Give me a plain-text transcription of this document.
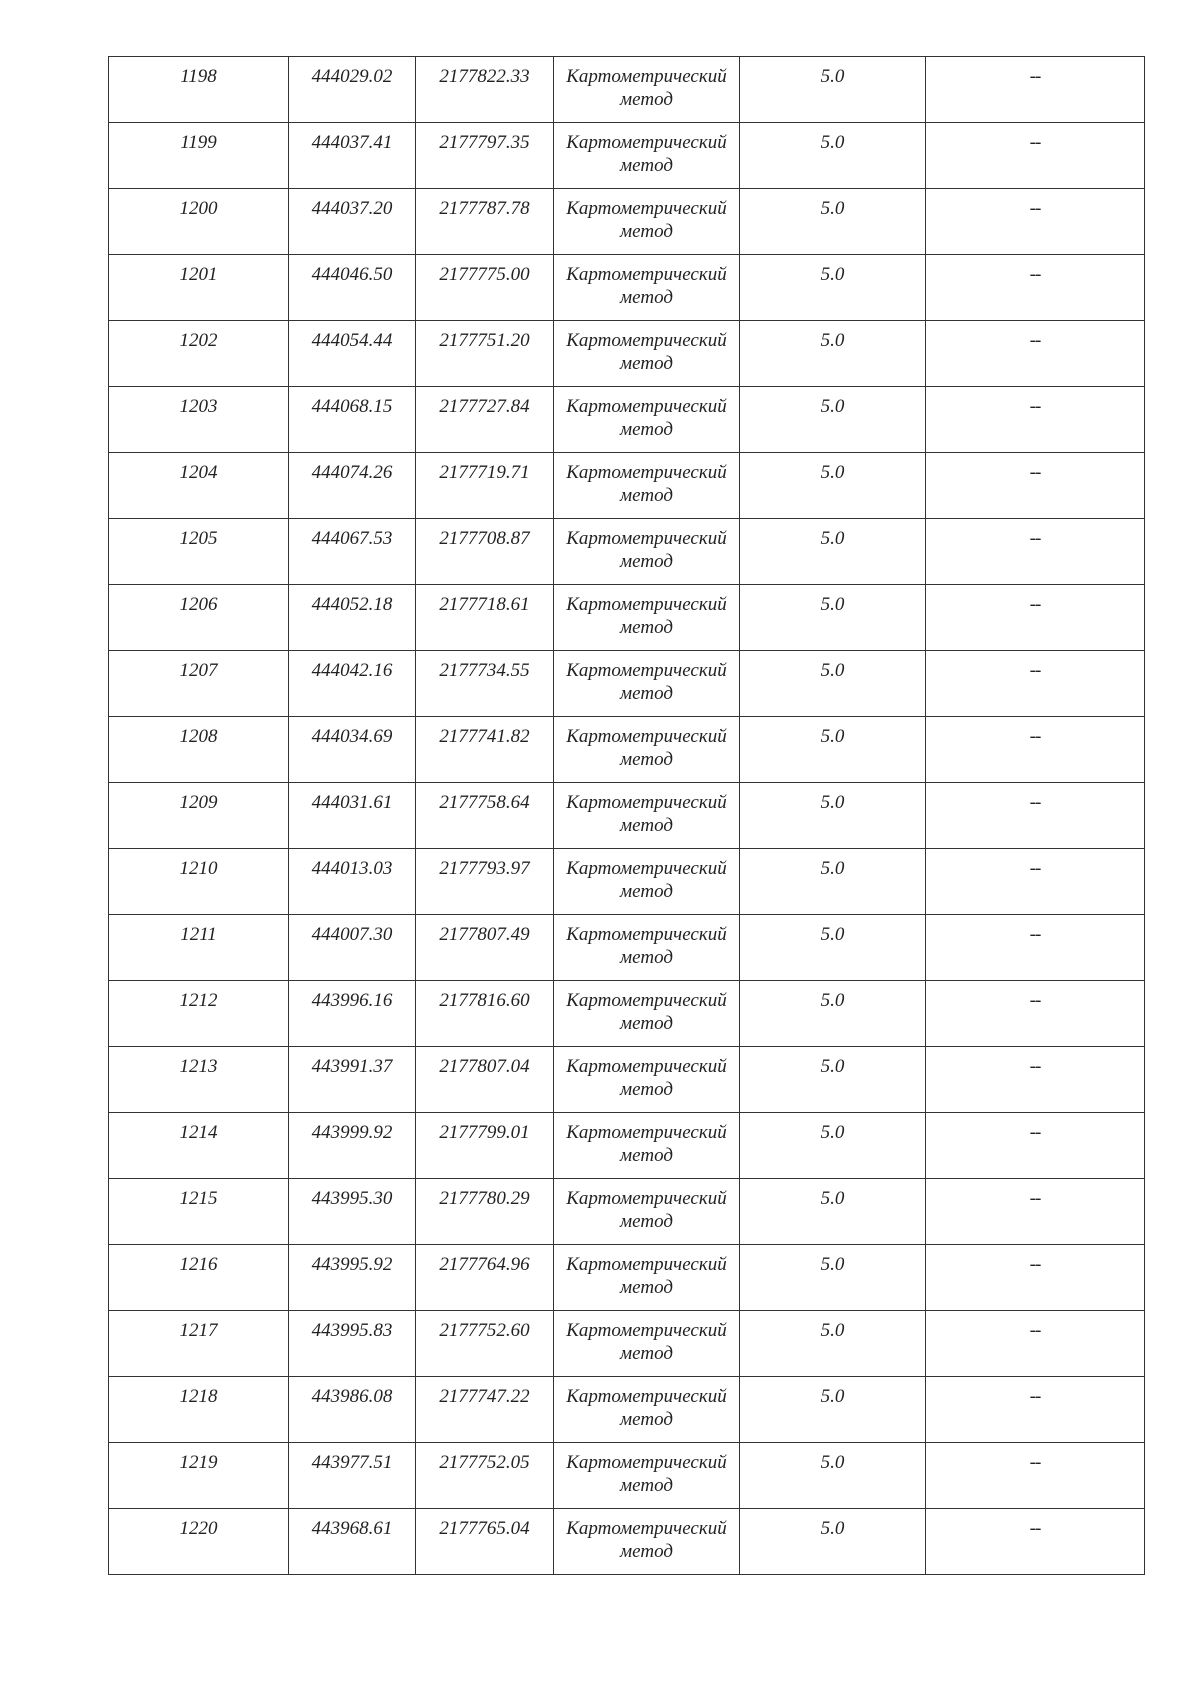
1198	444029.02	2177822.33	Картометрический метод	5.0	--
1199	444037.41	2177797.35	Картометрический метод	5.0	--
1200	444037.20	2177787.78	Картометрический метод	5.0	--
1201	444046.50	2177775.00	Картометрический метод	5.0	--
1202	444054.44	2177751.20	Картометрический метод	5.0	--
1203	444068.15	2177727.84	Картометрический метод	5.0	--
1204	444074.26	2177719.71	Картометрический метод	5.0	--
1205	444067.53	2177708.87	Картометрический метод	5.0	--
1206	444052.18	2177718.61	Картометрический метод	5.0	--
1207	444042.16	2177734.55	Картометрический метод	5.0	--
1208	444034.69	2177741.82	Картометрический метод	5.0	--
1209	444031.61	2177758.64	Картометрический метод	5.0	--
1210	444013.03	2177793.97	Картометрический метод	5.0	--
1211	444007.30	2177807.49	Картометрический метод	5.0	--
1212	443996.16	2177816.60	Картометрический метод	5.0	--
1213	443991.37	2177807.04	Картометрический метод	5.0	--
1214	443999.92	2177799.01	Картометрический метод	5.0	--
1215	443995.30	2177780.29	Картометрический метод	5.0	--
1216	443995.92	2177764.96	Картометрический метод	5.0	--
1217	443995.83	2177752.60	Картометрический метод	5.0	--
1218	443986.08	2177747.22	Картометрический метод	5.0	--
1219	443977.51	2177752.05	Картометрический метод	5.0	--
1220	443968.61	2177765.04	Картометрический метод	5.0	--
